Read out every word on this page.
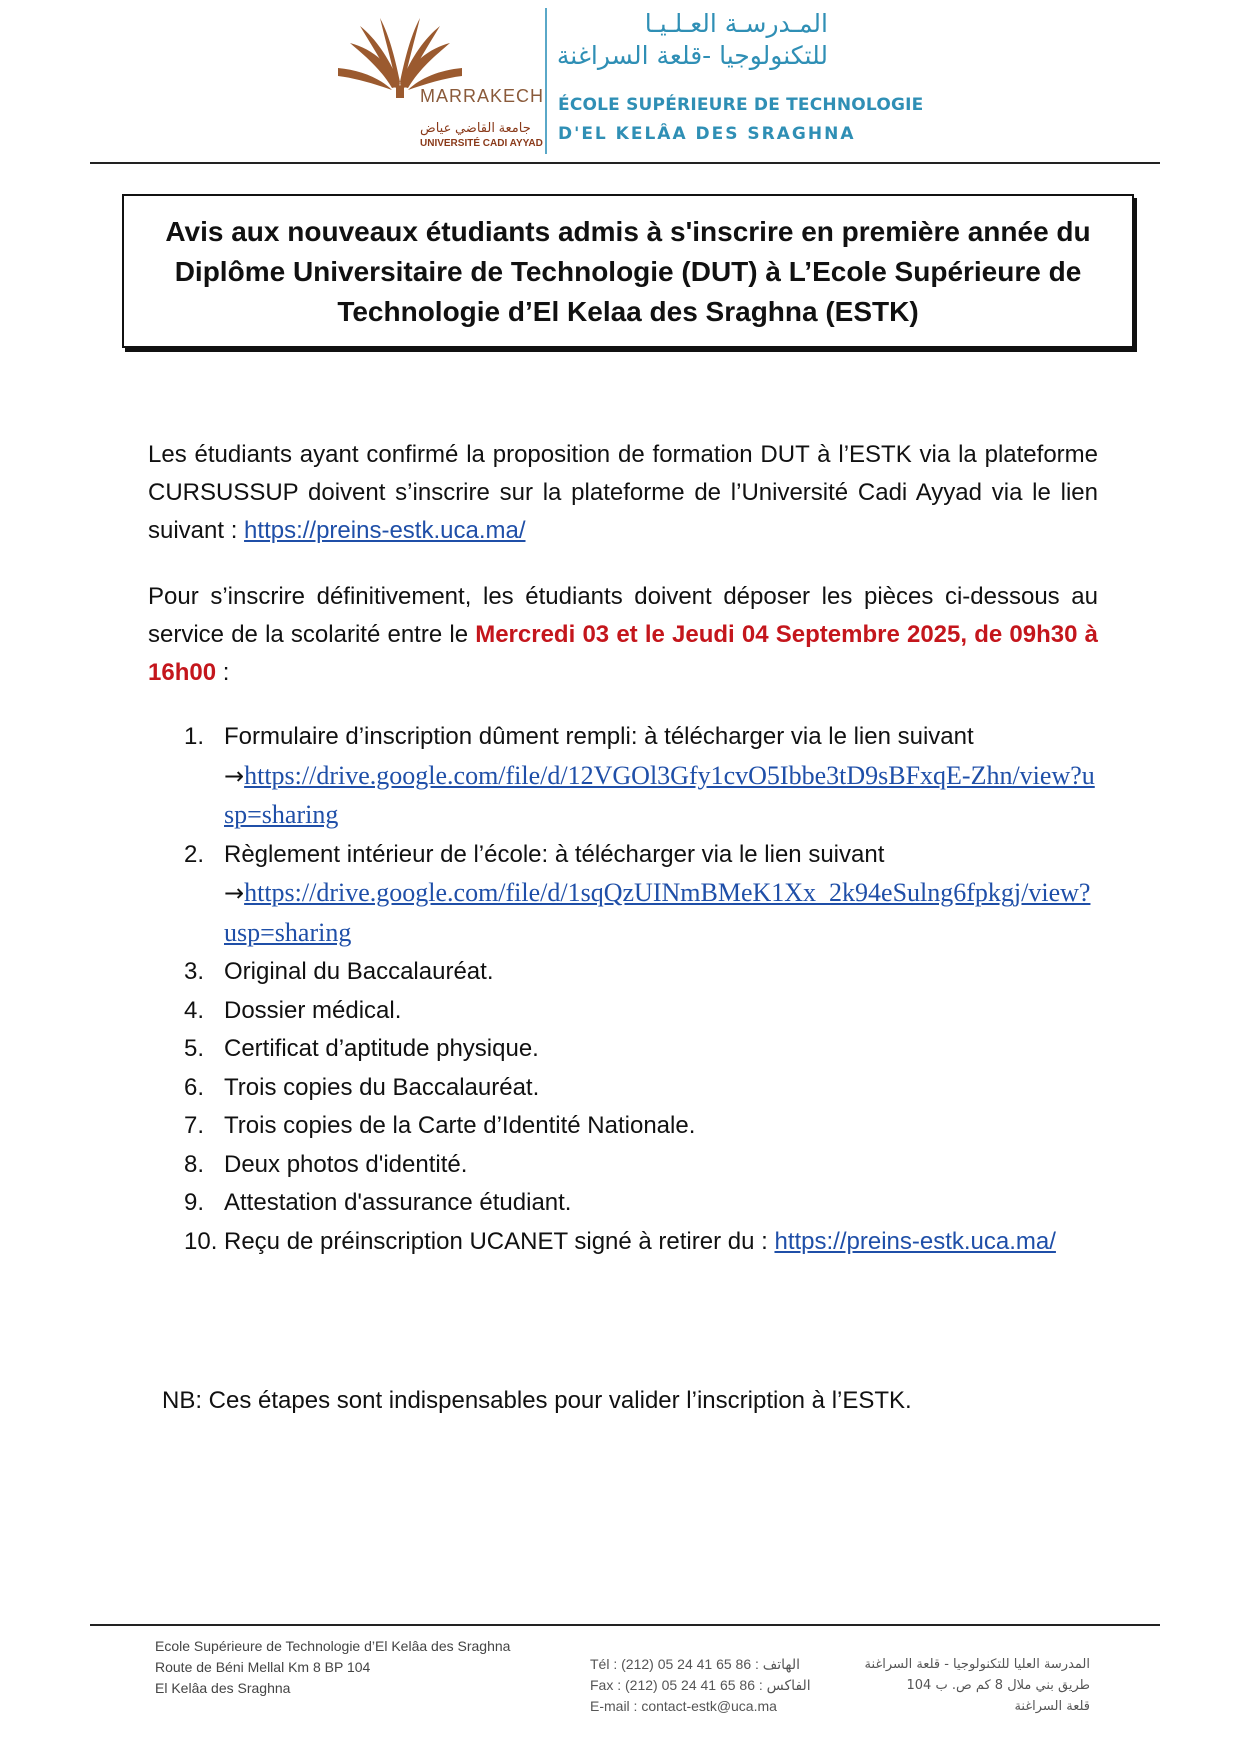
MARRAKECH
جامعة القاضي عياض
UNIVERSITÉ CADI AYYAD
المـدرسـة العـلـيـا
للتكنولوجيا -قلعة السراغنة
ÉCOLE SUPÉRIEURE DE TECHNOLOGIE
D'EL KELÂA DES SRAGHNA
Avis aux nouveaux étudiants admis à s'inscrire en première année du Diplôme Universitaire de Technologie (DUT) à L’Ecole Supérieure de Technologie d’El Kelaa des Sraghna (ESTK)
Les étudiants ayant confirmé la proposition de formation DUT à l’ESTK via la plateforme CURSUSSUP doivent s’inscrire sur la plateforme de l’Université Cadi Ayyad via le lien suivant : https://preins-estk.uca.ma/
Pour s’inscrire définitivement, les étudiants doivent déposer les pièces ci-dessous au service de la scolarité entre le Mercredi 03 et le Jeudi 04 Septembre 2025, de 09h30 à 16h00 :
1. Formulaire d’inscription dûment rempli: à télécharger via le lien suivant
→https://drive.google.com/file/d/12VGOl3Gfy1cvO5Ibbe3tD9sBFxqE-Zhn/view?usp=sharing
2. Règlement intérieur de l’école: à télécharger via le lien suivant
→https://drive.google.com/file/d/1sqQzUINmBMeK1Xx_2k94eSulng6fpkgj/view?usp=sharing
3. Original du Baccalauréat.
4. Dossier médical.
5. Certificat d’aptitude physique.
6. Trois copies du Baccalauréat.
7. Trois copies de la Carte d’Identité Nationale.
8. Deux photos d'identité.
9. Attestation d'assurance étudiant.
10. Reçu de préinscription UCANET signé à retirer du : https://preins-estk.uca.ma/
NB: Ces étapes sont indispensables pour valider l’inscription à l’ESTK.
Ecole Supérieure de Technologie d’El Kelâa des Sraghna
Route de Béni Mellal Km 8 BP 104
El Kelâa des Sraghna
Tél : (212) 05 24 41 65 86 : الهاتف
Fax : (212) 05 24 41 65 86 : الفاكس
E-mail : contact-estk@uca.ma
المدرسة العليا للتكنولوجيا - قلعة السراغنة
طريق بني ملال 8 كم ص. ب 104
قلعة السراغنة
